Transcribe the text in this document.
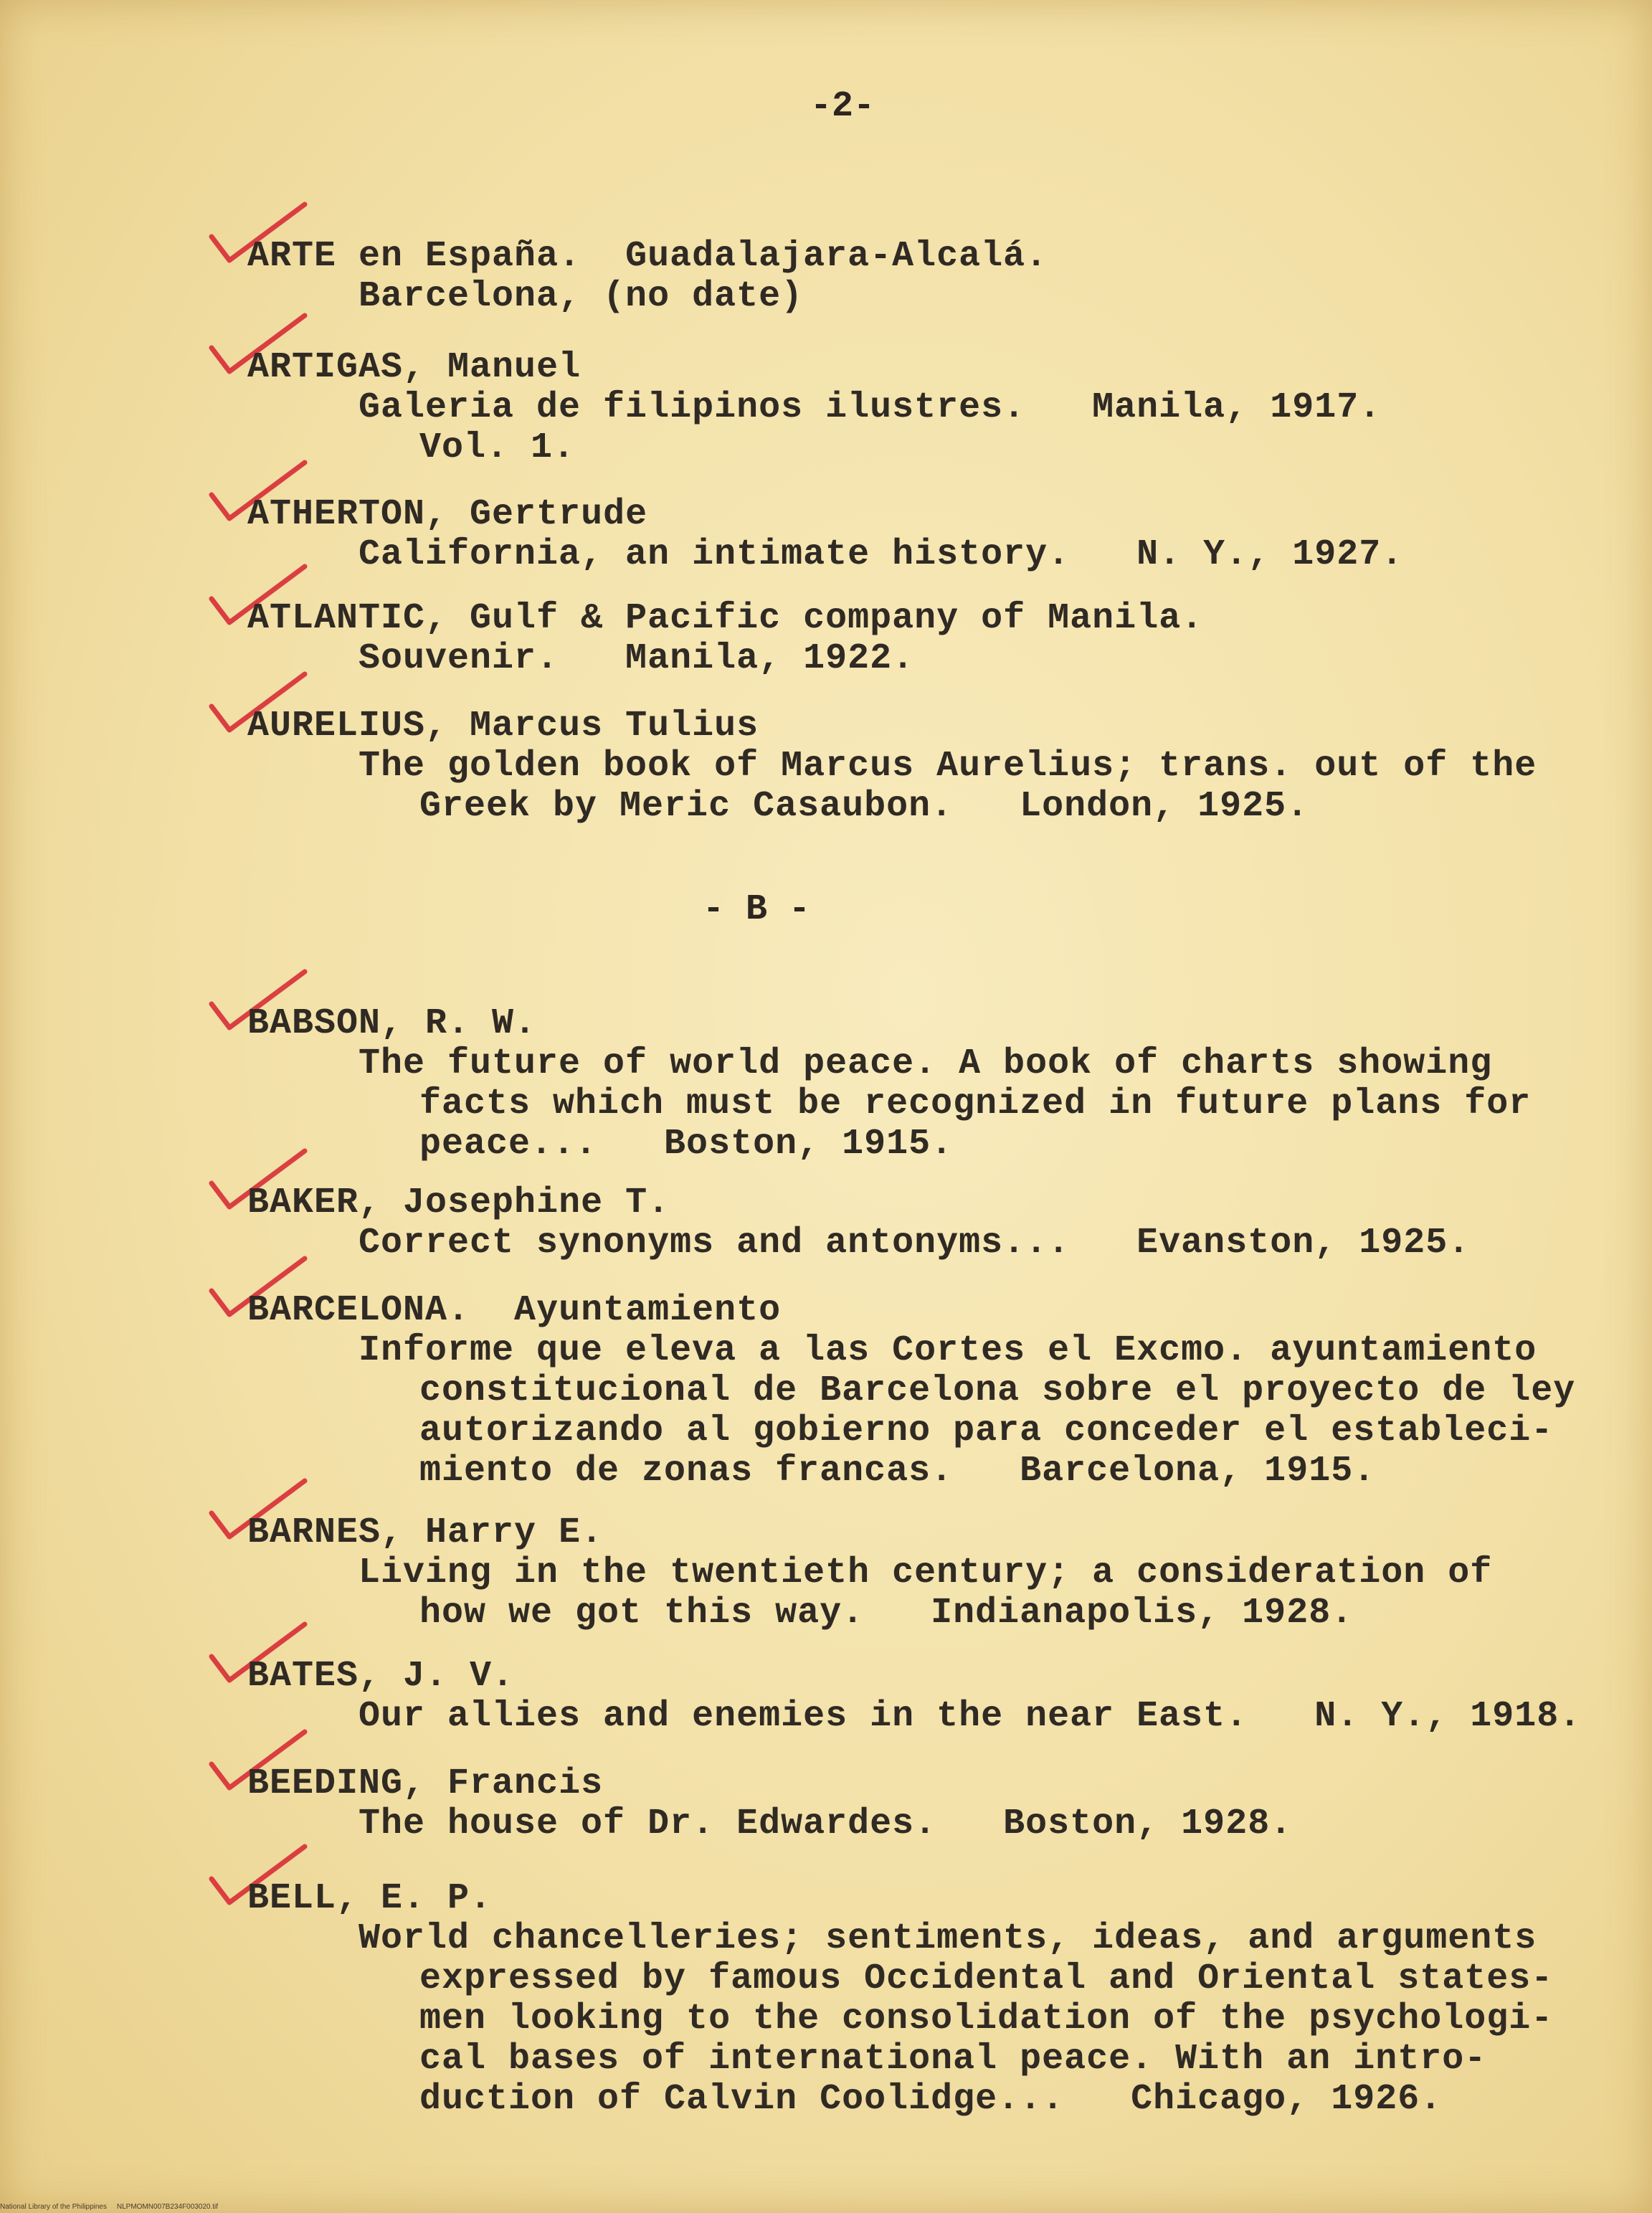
-2-
- B -
ARTE en España.  Guadalajara-Alcalá.
Barcelona, (no date)
ARTIGAS, Manuel
Galeria de filipinos ilustres.   Manila, 1917.
Vol. 1.
ATHERTON, Gertrude
California, an intimate history.   N. Y., 1927.
ATLANTIC, Gulf & Pacific company of Manila.
Souvenir.   Manila, 1922.
AURELIUS, Marcus Tulius
The golden book of Marcus Aurelius; trans. out of the
Greek by Meric Casaubon.   London, 1925.
BABSON, R. W.
The future of world peace. A book of charts showing
facts which must be recognized in future plans for
peace...   Boston, 1915.
BAKER, Josephine T.
Correct synonyms and antonyms...   Evanston, 1925.
BARCELONA.  Ayuntamiento
Informe que eleva a las Cortes el Excmo. ayuntamiento
constitucional de Barcelona sobre el proyecto de ley
autorizando al gobierno para conceder el estableci-
miento de zonas francas.   Barcelona, 1915.
BARNES, Harry E.
Living in the twentieth century; a consideration of
how we got this way.   Indianapolis, 1928.
BATES, J. V.
Our allies and enemies in the near East.   N. Y., 1918.
BEEDING, Francis
The house of Dr. Edwardes.   Boston, 1928.
BELL, E. P.
World chancelleries; sentiments, ideas, and arguments
expressed by famous Occidental and Oriental states-
men looking to the consolidation of the psychologi-
cal bases of international peace. With an intro-
duction of Calvin Coolidge...   Chicago, 1926.
National Library of the Philippines     NLPMOMN007B234F003020.tif
